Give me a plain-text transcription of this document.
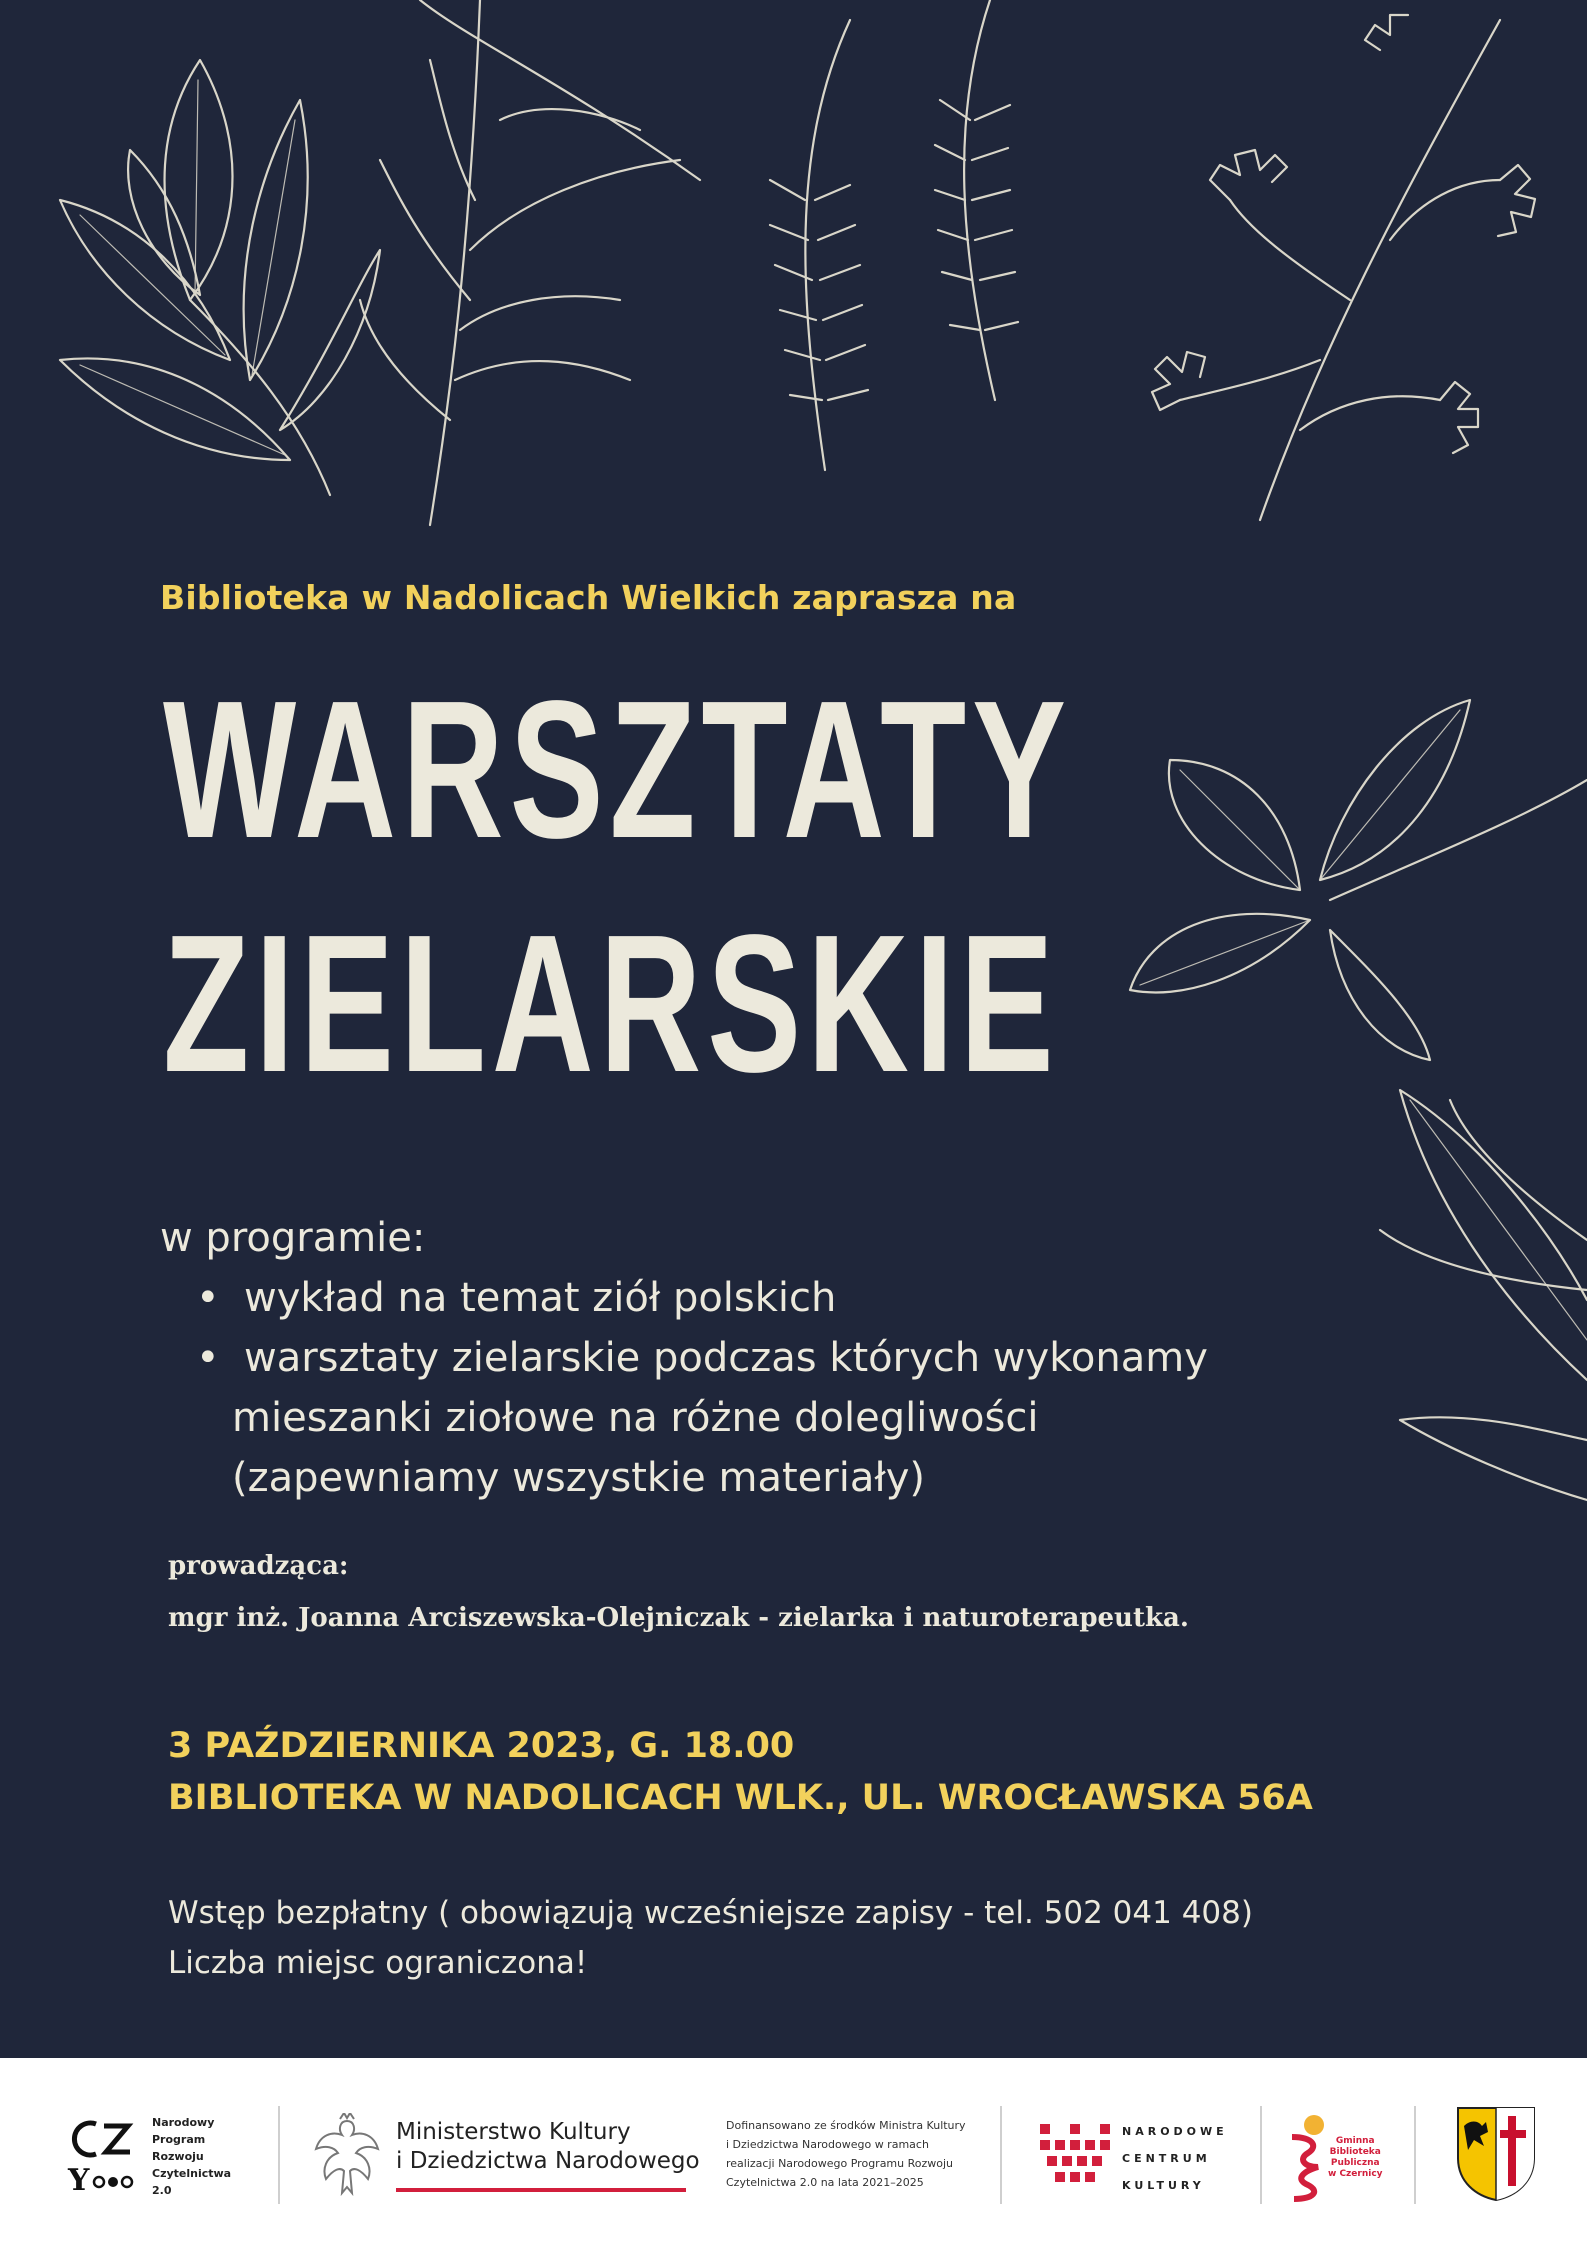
Biblioteka w Nadolicach Wielkich zaprasza na
WARSZTATY
ZIELARSKIE
w programie:
• wykład na temat ziół polskich
• warsztaty zielarskie podczas których wykonamy
mieszanki ziołowe na różne dolegliwości
(zapewniamy wszystkie materiały)
prowadząca:
mgr inż. Joanna Arciszewska-Olejniczak - zielarka i naturoterapeutka.
3 PAŹDZIERNIKA 2023, G. 18.00
BIBLIOTEKA W NADOLICACH WLK., UL. WROCŁAWSKA 56A
Wstęp bezpłatny ( obowiązują wcześniejsze zapisy - tel. 502 041 408)
Liczba miejsc ograniczona!
Y
Narodowy
Program
Rozwoju
Czytelnictwa
2.0
Ministerstwo Kultury
i Dziedzictwa Narodowego
Dofinansowano ze środków Ministra Kultury
i Dziedzictwa Narodowego w ramach
realizacji Narodowego Programu Rozwoju
Czytelnictwa 2.0 na lata 2021–2025
NARODOWE
CENTRUM
KULTURY
Gminna
Biblioteka
Publiczna
w Czernicy
